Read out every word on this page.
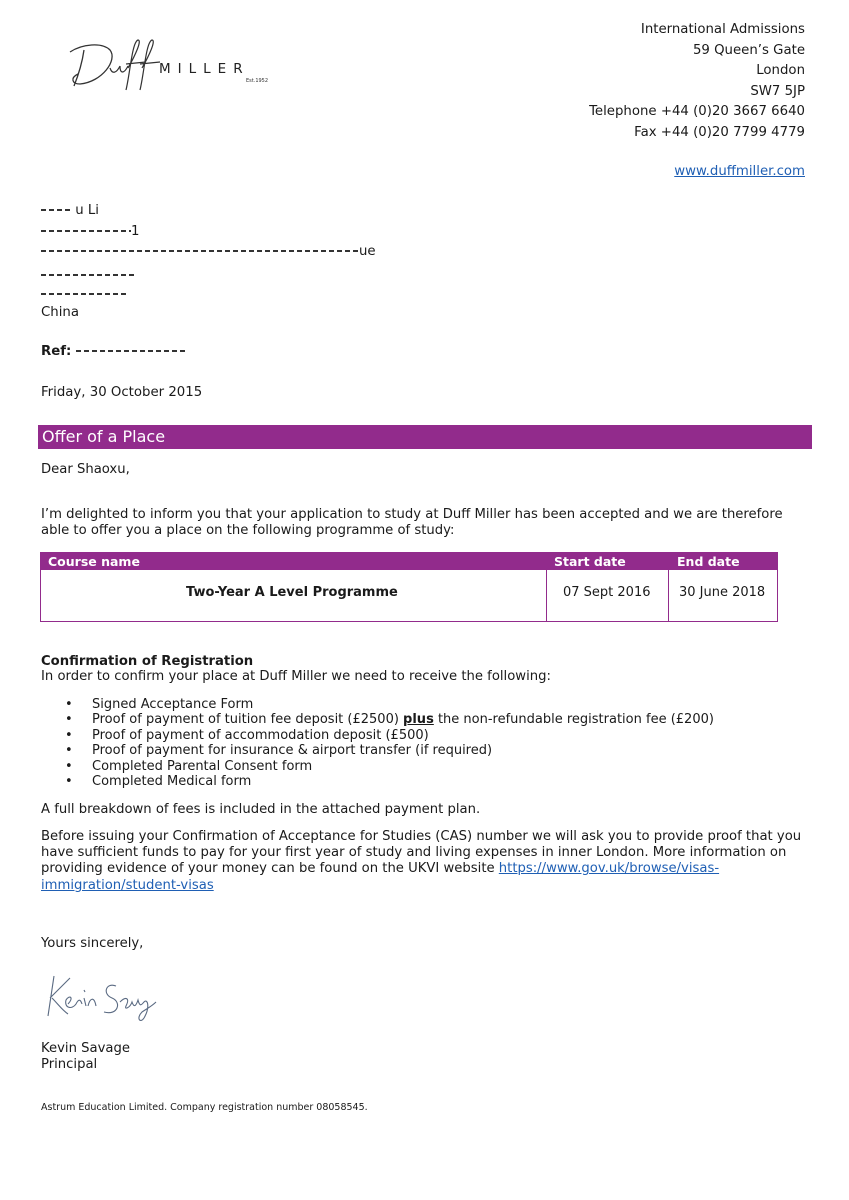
MILLER
Est.1952
International Admissions
59 Queen’s Gate
London
SW7 5JP
Telephone +44 (0)20 3667 6640
Fax +44 (0)20 7799 4779
www.duffmiller.com
u Li
1
ue
China
Ref:
Friday, 30 October 2015
Offer of a Place
Dear Shaoxu,
I’m delighted to inform you that your application to study at Duff Miller has been accepted and we are therefore able to offer you a place on the following programme of study:
Course name	Start date	End date
Two-Year A Level Programme	07 Sept 2016 30 June 2018
Confirmation of Registration
In order to confirm your place at Duff Miller we need to receive the following:
• Signed Acceptance Form
• Proof of payment of tuition fee deposit (£2500) plus the non-refundable registration fee (£200)
• Proof of payment of accommodation deposit (£500)
• Proof of payment for insurance & airport transfer (if required)
• Completed Parental Consent form
• Completed Medical form
A full breakdown of fees is included in the attached payment plan.
Before issuing your Confirmation of Acceptance for Studies (CAS) number we will ask you to provide proof that you have sufficient funds to pay for your first year of study and living expenses in inner London. More information on providing evidence of your money can be found on the UKVI website https://www.gov.uk/browse/visas-immigration/student-visas
Yours sincerely,
Kevin Savage
Principal
Astrum Education Limited. Company registration number 08058545.
